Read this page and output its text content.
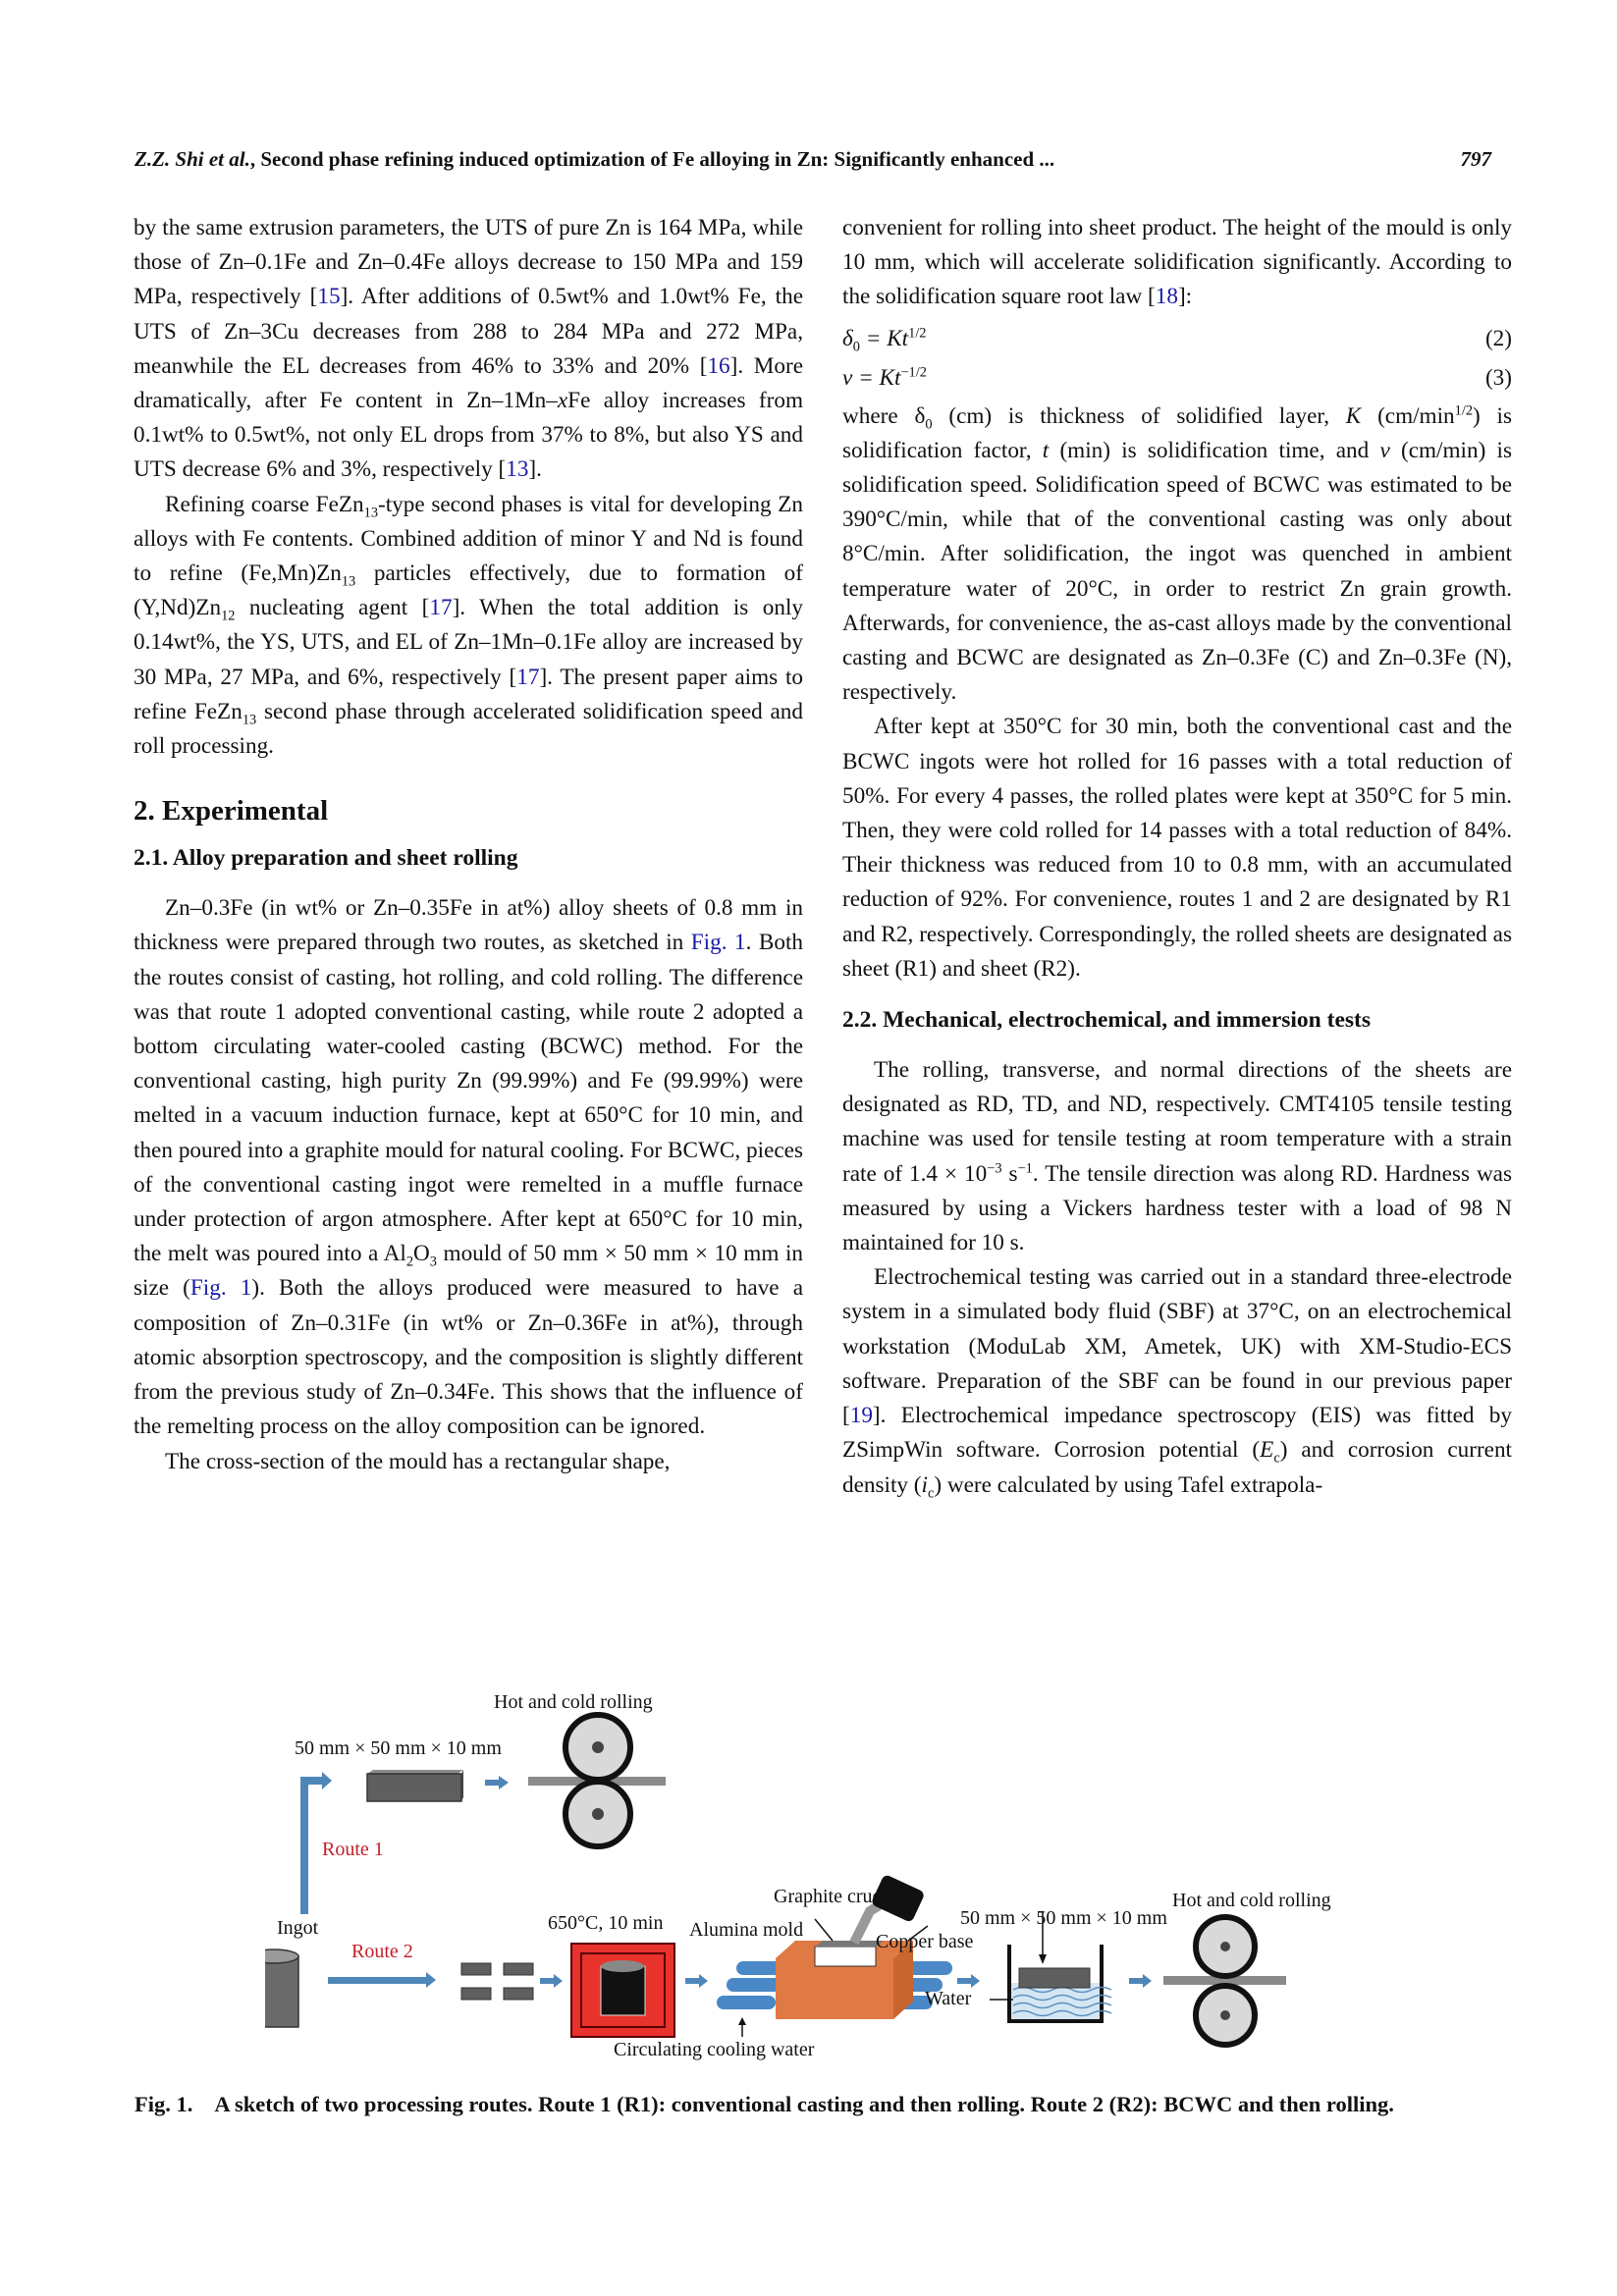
Z.Z. Shi et al., Second phase refining induced optimization of Fe alloying in Zn: Significantly enhanced ...	797

by the same extrusion parameters, the UTS of pure Zn is 164 MPa, while those of Zn–0.1Fe and Zn–0.4Fe alloys decrease to 150 MPa and 159 MPa, respectively [15]. After additions of 0.5wt% and 1.0wt% Fe, the UTS of Zn–3Cu decreases from 288 to 284 MPa and 272 MPa, meanwhile the EL decreases from 46% to 33% and 20% [16]. More dramatically, after Fe content in Zn–1Mn–xFe alloy increases from 0.1wt% to 0.5wt%, not only EL drops from 37% to 8%, but also YS and UTS decrease 6% and 3%, respectively [13].

Refining coarse FeZn$_{13}$-type second phases is vital for developing Zn alloys with Fe contents. Combined addition of minor Y and Nd is found to refine $(Fe,Mn)Zn_{13}$ particles effectively, due to formation of $(Y,Nd)Zn_{12}$ nucleating agent [17]. When the total addition is only 0.14wt%, the YS, UTS, and EL of Zn–1Mn–0.1Fe alloy are increased by 30 MPa, 27 MPa, and 6%, respectively [17]. The present paper aims to refine FeZn$_{13}$ second phase through accelerated solidification speed and roll processing.

2. Experimental
2.1. Alloy preparation and sheet rolling

Zn–0.3Fe (in wt% or Zn–0.35Fe in at%) alloy sheets of 0.8 mm in thickness were prepared through two routes, as sketched in Fig. 1. Both the routes consist of casting, hot rolling, and cold rolling. The difference was that route 1 adopted conventional casting, while route 2 adopted a bottom circulating water-cooled casting (BCWC) method. For the conventional casting, high purity Zn (99.99%) and Fe (99.99%) were melted in a vacuum induction furnace, kept at 650°C for 10 min, and then poured into a graphite mould for natural cooling. For BCWC, pieces of the conventional casting ingot were remelted in a muffle furnace under protection of argon atmosphere. After kept at 650°C for 10 min, the melt was poured into a $Al_2O_3$ mould of 50 mm × 50 mm × 10 mm in size (Fig. 1). Both the alloys produced were measured to have a composition of Zn–0.31Fe (in wt% or Zn–0.36Fe in at%), through atomic absorption spectroscopy, and the composition is slightly different from the previous study of Zn–0.34Fe. This shows that the influence of the remelting process on the alloy composition can be ignored.

The cross-section of the mould has a rectangular shape,

convenient for rolling into sheet product. The height of the mould is only 10 mm, which will accelerate solidification significantly. According to the solidification square root law [18]:

$\delta_0 = Kt^{1/2}$	(2)
$v = Kt^{-1/2}$	(3)

where $\delta_0$ (cm) is thickness of solidified layer, K $(cm/\min^{1/2})$ is solidification factor, t (min) is solidification time, and v (cm/min) is solidification speed. Solidification speed of BCWC was estimated to be 390°C/min, while that of the conventional casting was only about 8°C/min. After solidification, the ingot was quenched in ambient temperature water of 20°C, in order to restrict Zn grain growth. Afterwards, for convenience, the as-cast alloys made by the conventional casting and BCWC are designated as Zn–0.3Fe (C) and Zn–0.3Fe (N), respectively.

After kept at 350°C for 30 min, both the conventional cast and the BCWC ingots were hot rolled for 16 passes with a total reduction of 50%. For every 4 passes, the rolled plates were kept at 350°C for 5 min. Then, they were cold rolled for 14 passes with a total reduction of 84%. Their thickness was reduced from 10 to 0.8 mm, with an accumulated reduction of 92%. For convenience, routes 1 and 2 are designated by R1 and R2, respectively. Correspondingly, the rolled sheets are designated as sheet (R1) and sheet (R2).

2.2. Mechanical, electrochemical, and immersion tests

The rolling, transverse, and normal directions of the sheets are designated as RD, TD, and ND, respectively. CMT4105 tensile testing machine was used for tensile testing at room temperature with a strain rate of $1.4 \times 10^{-3}$ $s^{-1}$. The tensile direction was along RD. Hardness was measured by using a Vickers hardness tester with a load of 98 N maintained for 10 s.

Electrochemical testing was carried out in a standard three-electrode system in a simulated body fluid (SBF) at 37°C, on an electrochemical workstation (ModuLab XM, Ametek, UK) with XM-Studio-ECS software. Preparation of the SBF can be found in our previous paper [19]. Electrochemical impedance spectroscopy (EIS) was fitted by ZSimpWin software. Corrosion potential $(E_c)$ and corrosion current density $(i_c)$ were calculated by using Tafel extrapola-

Hot and cold rolling
50 mm × 50 mm × 10 mm
Route 1
Ingot
Route 2
650°C, 10 min
Graphite crucible
Alumina mold
Copper base
50 mm × 50 mm × 10 mm
Hot and cold rolling
Water
Circulating cooling water
Fig. 1. A sketch of two processing routes. Route 1 (R1): conventional casting and then rolling. Route 2 (R2): BCWC and then rolling.
